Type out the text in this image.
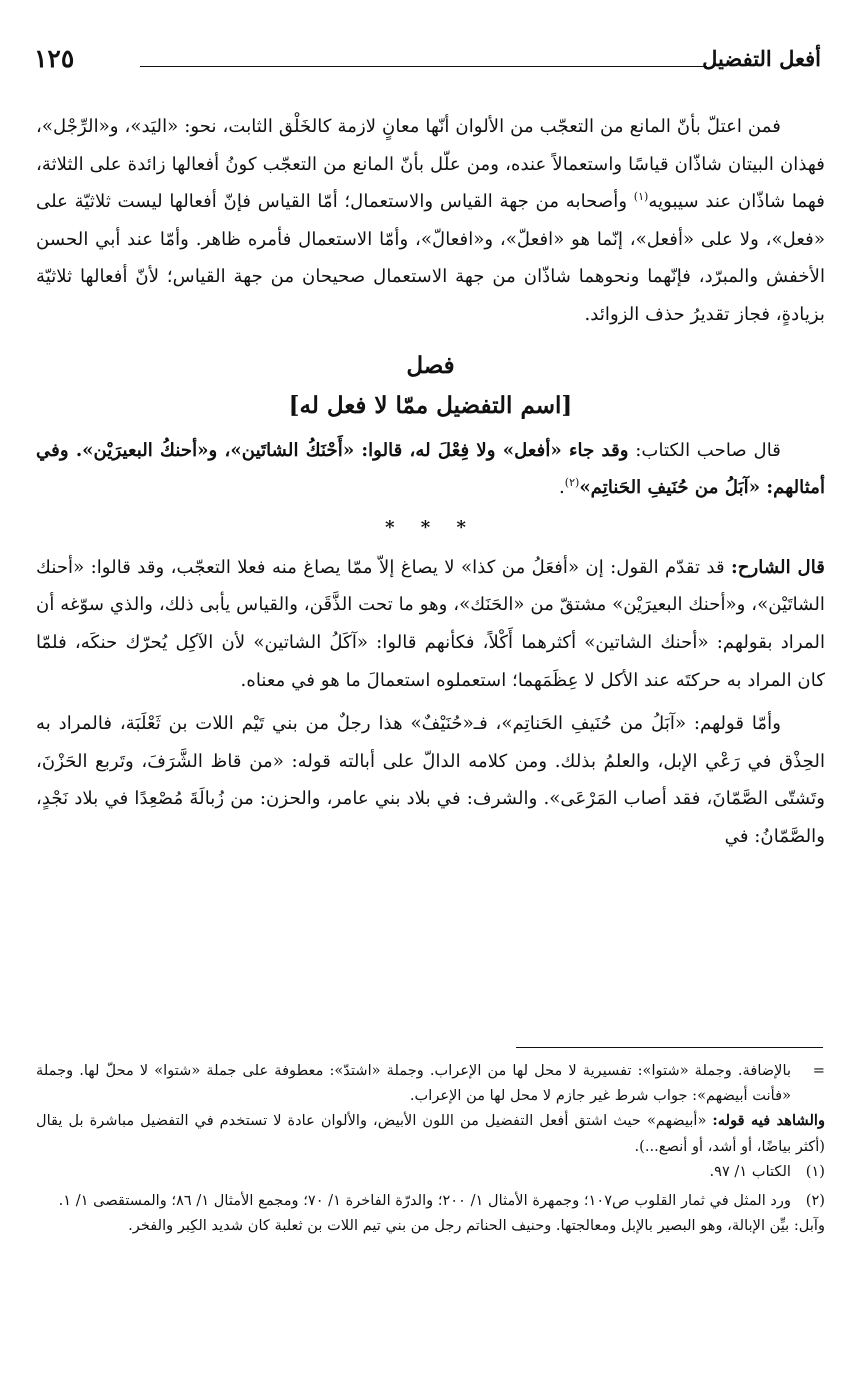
١٢٥	أفعل التفضيل

فمن اعتلّ بأنّ المانع من التعجّب من الألوان أنّها معانٍ لازمة كالخَلْق الثابت، نحو: «اليَد»، و«الرِّجْل»، فهذان البيتان شاذّان قياسًا واستعمالاً عنده، ومن علّل بأنّ المانع من التعجّب كونُ أفعالها زائدة على الثلاثة، فهما شاذّان عند سيبويه$^{(١)}$ وأصحابه من جهة القياس والاستعمال؛ أمّا القياس فإنّ أفعالها ليست ثلاثيّة على «فعل»، ولا على «أفعل»، إنّما هو «افعلّ»، و«افعالّ»، وأمّا الاستعمال فأمره ظاهر. وأمّا عند أبي الحسن الأخفش والمبرّد، فإنّهما ونحوهما شاذّان من جهة الاستعمال صحيحان من جهة القياس؛ لأنّ أفعالها ثلاثيّة بزيادةٍ، فجاز تقديرُ حذف الزوائد.

فصل

[اسم التفضيل ممّا لا فعل له]

قال صاحب الكتاب: وقد جاء «أفعل» ولا فِعْلَ له، قالوا: «أَحْنَكُ الشاتَين»، و«أحنكُ البعيرَيْن». وفي أمثالهم: «آبَلُ من حُنَيفِ الحَناتِم»$^{(٢)}$.

* * *

قال الشارح: قد تقدّم القول: إن «أفعَلُ من كذا» لا يصاغ إلاّ ممّا يصاغ منه فعلا التعجّب، وقد قالوا: «أحنك الشاتَيْن»، و«أحنك البعيرَيْن» مشتقّ من «الحَنَك»، وهو ما تحت الذَّقَن، والقياس يأبى ذلك، والذي سوّغه أن المراد بقولهم: «أحنك الشاتين» أكثرهما أَكْلاً، فكأنهم قالوا: «آكَلُ الشاتين» لأن الآكِل يُحرّك حنكَه، فلمّا كان المراد به حركتَه عند الأكل لا عِظَمَهما؛ استعملوه استعمالَ ما هو في معناه.

وأمّا قولهم: «آبَلُ من حُنَيفِ الحَناتِم»، فـ«حُنَيْفٌ» هذا رجلٌ من بني تَيْم اللات بن ثَعْلَبَة، فالمراد به الحِذْق في رَعْي الإبل، والعلمُ بذلك. ومن كلامه الدالّ على أبالته قوله: «من قاظ الشَّرَفَ، وتَربع الحَزْنَ، وتَشتّى الصَّمّانَ، فقد أصاب المَرْعَى». والشرف: في بلاد بني عامر، والحزن: من زُبالَةَ مُصْعِدًا في بلاد نَجْدٍ، والصَّمّانُ: في

=
بالإضافة. وجملة «شتوا»: تفسيرية لا محل لها من الإعراب. وجملة «اشتدّ»: معطوفة على جملة «شتوا» لا محلّ لها. وجملة «فأنت أبيضهم»: جواب شرط غير جازم لا محل لها من الإعراب.

والشاهد فيه قوله: «أبيضهم» حيث اشتق أفعل التفضيل من اللون الأبيض، والألوان عادة لا تستخدم في التفضيل مباشرة بل يقال (أكثر بياضًا، أو أشد، أو أنصع...).

(١)
الكتاب ١/ ٩٧.

(٢)
ورد المثل في ثمار القلوب ص١٠٧؛ وجمهرة الأمثال ١/ ٢٠٠؛ والدرّة الفاخرة ١/ ٧٠؛ ومجمع الأمثال ١/ ٨٦؛ والمستقصى ١/ ١.

وآبل: بيِّن الإبالة، وهو البصير بالإبل ومعالجتها. وحنيف الحناتم رجل من بني تيم اللات بن ثعلبة كان شديد الكِبر والفخر.
